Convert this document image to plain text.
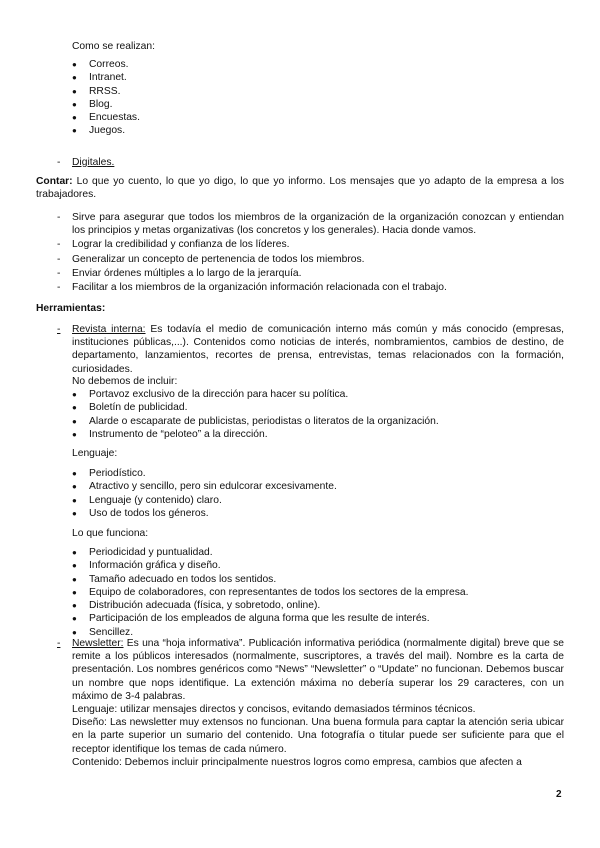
Como se realizan:
● Correos.
● Intranet.
● RRSS.
● Blog.
● Encuestas.
● Juegos.
- Digitales.
Contar: Lo que yo cuento, lo que yo digo, lo que yo informo. Los mensajes que yo adapto de la empresa a los trabajadores.
- Sirve para asegurar que todos los miembros de la organización de la organización conozcan y entiendan los principios y metas organizativas (los concretos y los generales). Hacia donde vamos.
- Lograr la credibilidad y confianza de los líderes.
- Generalizar un concepto de pertenencia de todos los miembros.
- Enviar órdenes múltiples a lo largo de la jerarquía.
- Facilitar a los miembros de la organización información relacionada con el trabajo.
Herramientas:
-	Revista interna: Es todavía el medio de comunicación interno más común y más conocido (empresas, instituciones públicas,...). Contenidos como noticias de interés, nombramientos, cambios de destino, de departamento, lanzamientos, recortes de prensa, entrevistas, temas relacionados con la formación, curiosidades.
No debemos de incluir:
● Portavoz exclusivo de la dirección para hacer su política.
● Boletín de publicidad.
● Alarde o escaparate de publicistas, periodistas o literatos de la organización.
● Instrumento de “peloteo” a la dirección.
Lenguaje:
● Periodístico.
● Atractivo y sencillo, pero sin edulcorar excesivamente.
● Lenguaje (y contenido) claro.
● Uso de todos los géneros.
Lo que funciona:
● Periodicidad y puntualidad.
● Información gráfica y diseño.
● Tamaño adecuado en todos los sentidos.
● Equipo de colaboradores, con representantes de todos los sectores de la empresa.
● Distribución adecuada (física, y sobretodo, online).
● Participación de los empleados de alguna forma que les resulte de interés.
● Sencillez.
- Newsletter: Es una “hoja informativa”. Publicación informativa periódica (normalmente digital) breve que se remite a los públicos interesados (normalmente, suscriptores, a través del mail). Nombre es la carta de presentación. Los nombres genéricos como “News” “Newsletter” o “Update” no funcionan. Debemos buscar un nombre que nops identifique. La extención máxima no debería superar los 29 caracteres, con un máximo de 3-4 palabras.
Lenguaje: utilizar mensajes directos y concisos, evitando demasiados términos técnicos.
Diseño: Las newsletter muy extensos no funcionan. Una buena formula para captar la atención seria ubicar en la parte superior un sumario del contenido. Una fotografía o titular puede ser suficiente para que el receptor identifique los temas de cada número.
Contenido: Debemos incluir principalmente nuestros logros como empresa, cambios que afecten a
2
